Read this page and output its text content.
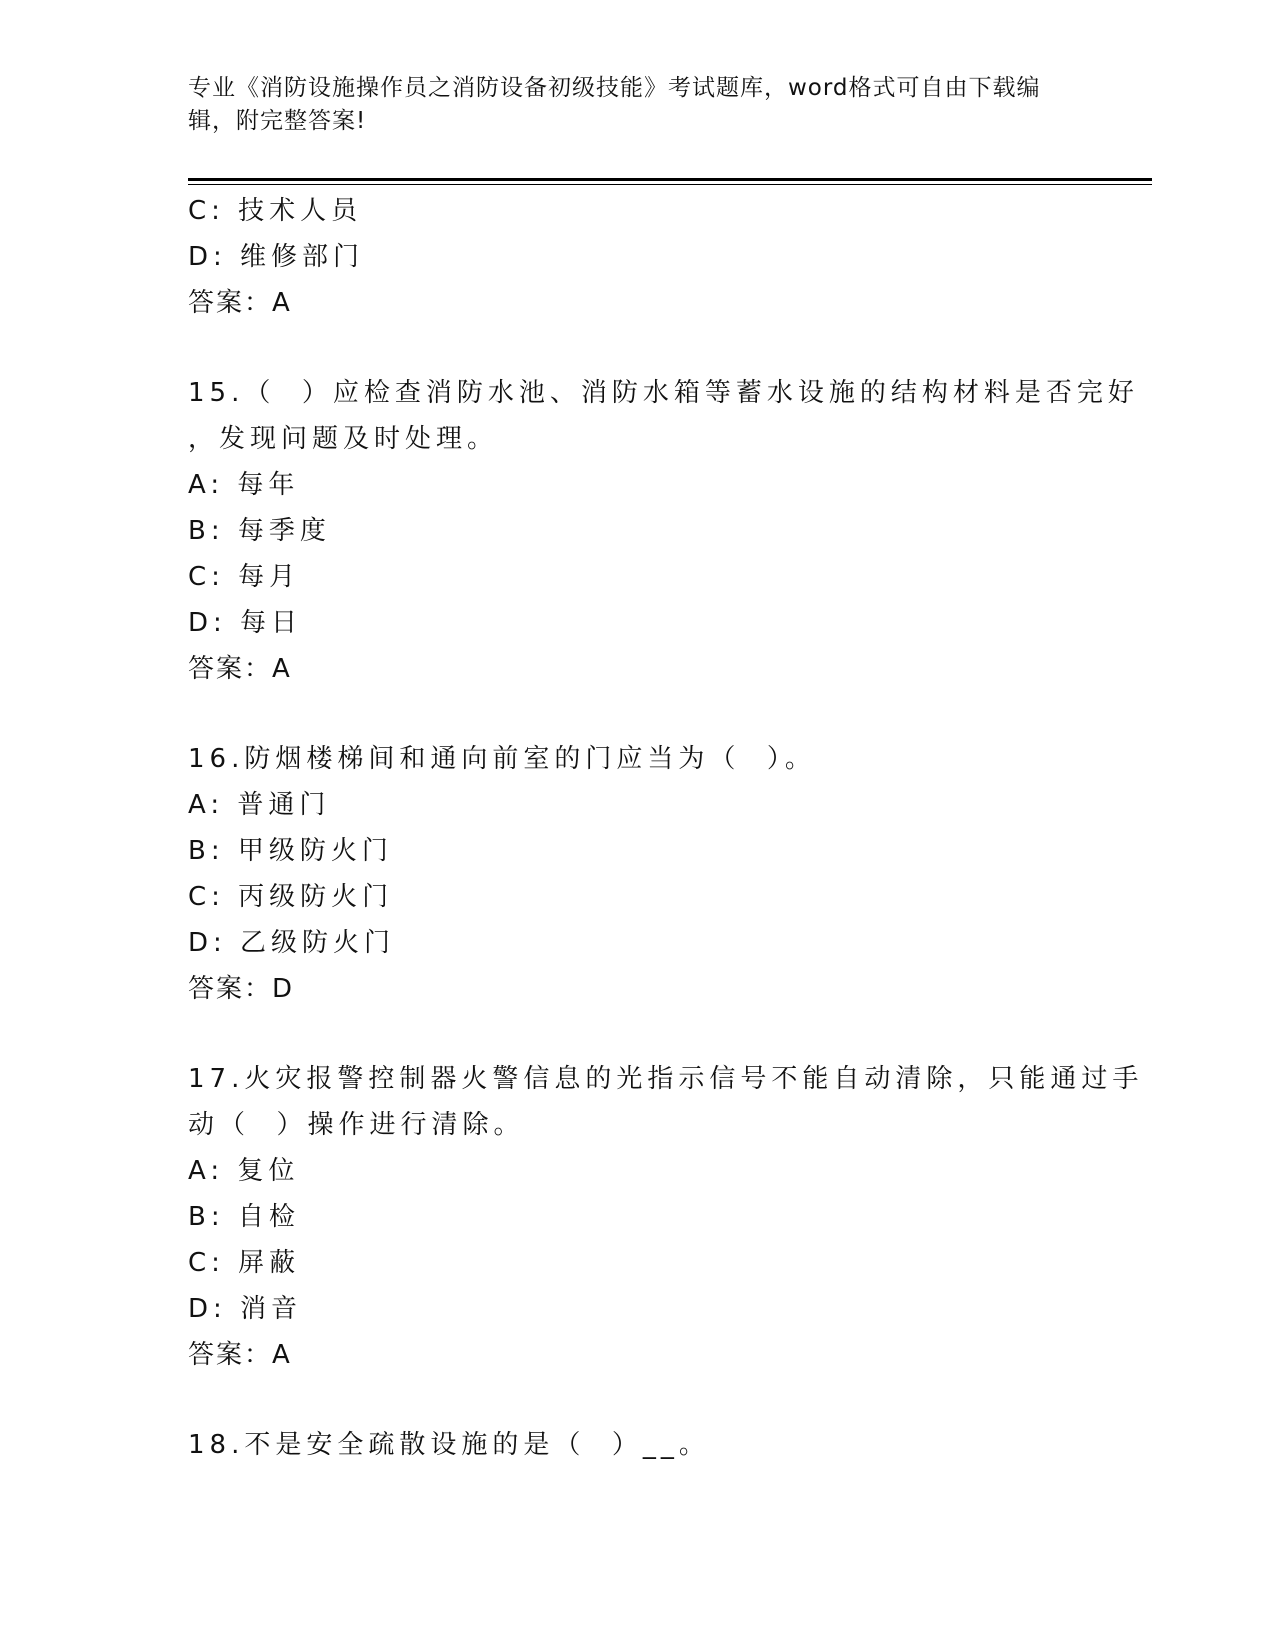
专业《消防设施操作员之消防设备初级技能》考试题库，word格式可自由下载编

辑，附完整答案!

C: 技术人员
D: 维修部门
答案：A
15.（  ）应检查消防水池、消防水箱等蓄水设施的结构材料是否完好
，发现问题及时处理。
A: 每年
B: 每季度
C: 每月
D: 每日
答案：A
16.防烟楼梯间和通向前室的门应当为（  ）。
A: 普通门
B: 甲级防火门
C: 丙级防火门
D: 乙级防火门
答案：D
17.火灾报警控制器火警信息的光指示信号不能自动清除，只能通过手
动（  ）操作进行清除。
A: 复位
B: 自检
C: 屏蔽
D: 消音
答案：A
18.不是安全疏散设施的是（  ）__。
